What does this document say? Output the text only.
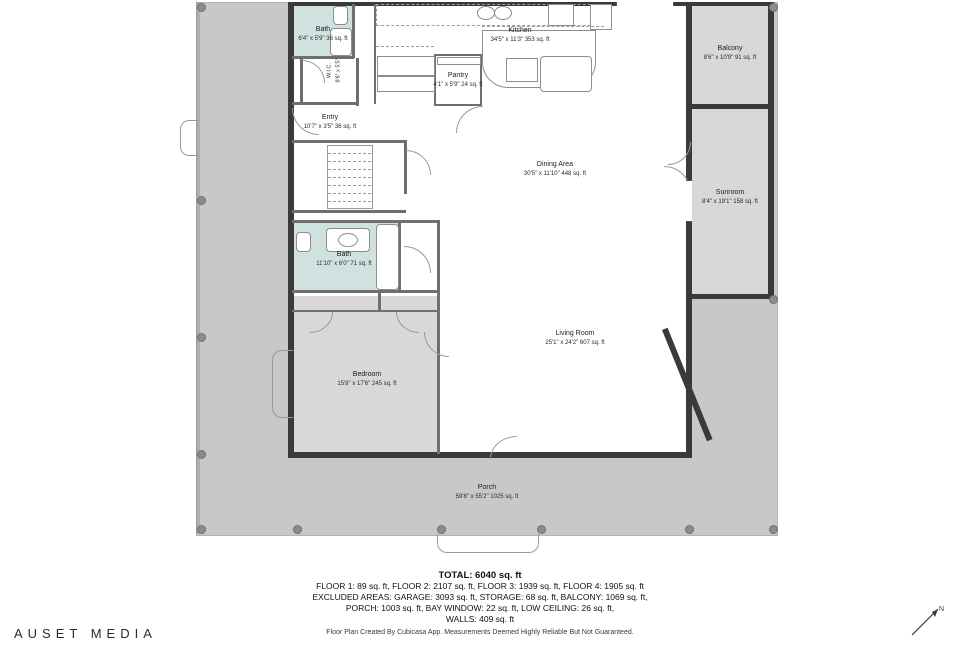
Bath
6'4" x 5'9" 36 sq. ft
Kitchen
34'5" x 11'3" 353 sq. ft
Balcony
8'6" x 10'9" 91 sq. ft
Pantry
4'1" x 5'9" 24 sq. ft
Entry
10'7" x 3'5" 36 sq. ft
Dining Area
30'5" x 11'10" 448 sq. ft
Sunroom
8'4" x 19'1" 158 sq. ft
Bath
11'10" x 6'0" 71 sq. ft
Living Room
25'1" x 24'2" 607 sq. ft
Bedroom
15'8" x 17'6" 245 sq. ft
Porch
59'8" x 55'2" 1025 sq. ft
W.I.C. 8'6" x 5'5"
TOTAL: 6040 sq. ft
FLOOR 1: 89 sq. ft, FLOOR 2: 2107 sq. ft, FLOOR 3: 1939 sq. ft, FLOOR 4: 1905 sq. ft
EXCLUDED AREAS: GARAGE: 3093 sq. ft, STORAGE: 68 sq. ft, BALCONY: 1069 sq. ft,
PORCH: 1003 sq. ft, BAY WINDOW: 22 sq. ft, LOW CEILING: 26 sq. ft,
WALLS: 409 sq. ft
Floor Plan Created By Cubicasa App. Measurements Deemed Highly Reliable But Not Guaranteed.
AUSET MEDIA
N
